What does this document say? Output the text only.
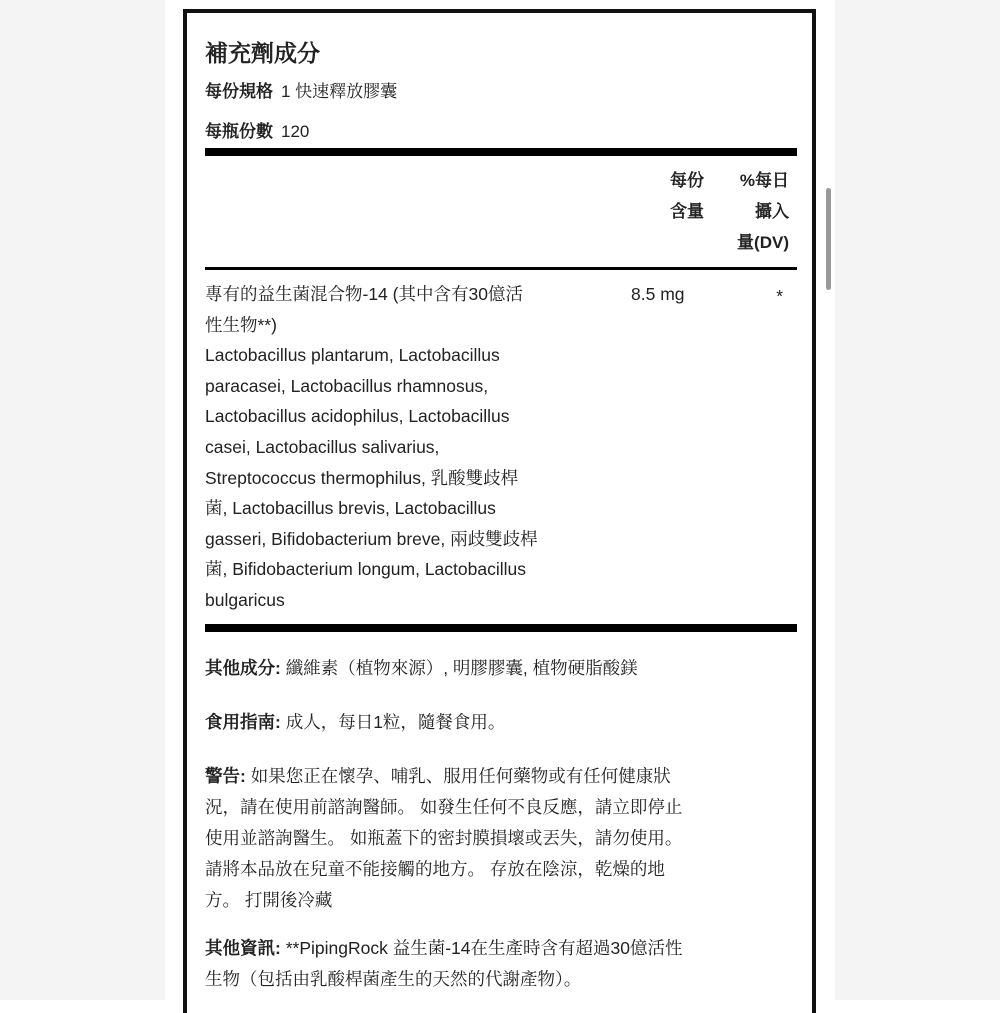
補充劑成分
每份規格 1 快速釋放膠囊
每瓶份數 120
每份
含量
%每日
攝入
量(DV)
專有的益生菌混合物-14 (其中含有30億活
性生物**)
Lactobacillus plantarum, Lactobacillus
paracasei, Lactobacillus rhamnosus,
Lactobacillus acidophilus, Lactobacillus
casei, Lactobacillus salivarius,
Streptococcus thermophilus, 乳酸雙歧桿
菌, Lactobacillus brevis, Lactobacillus
gasseri, Bifidobacterium breve, 兩歧雙歧桿
菌, Bifidobacterium longum, Lactobacillus
bulgaricus
8.5 mg	*
其他成分: 纖維素（植物來源）, 明膠膠囊, 植物硬脂酸鎂
食用指南: 成人，每日1粒，隨餐食用。
警告: 如果您正在懷孕、哺乳、服用任何藥物或有任何健康狀
況，請在使用前諮詢醫師。 如發生任何不良反應，請立即停止
使用並諮詢醫生。 如瓶蓋下的密封膜損壞或丟失，請勿使用。
請將本品放在兒童不能接觸的地方。 存放在陰涼，乾燥的地
方。 打開後冷藏
其他資訊: **PipingRock 益生菌-14在生產時含有超過30億活性
生物（包括由乳酸桿菌產生的天然的代謝產物）。
